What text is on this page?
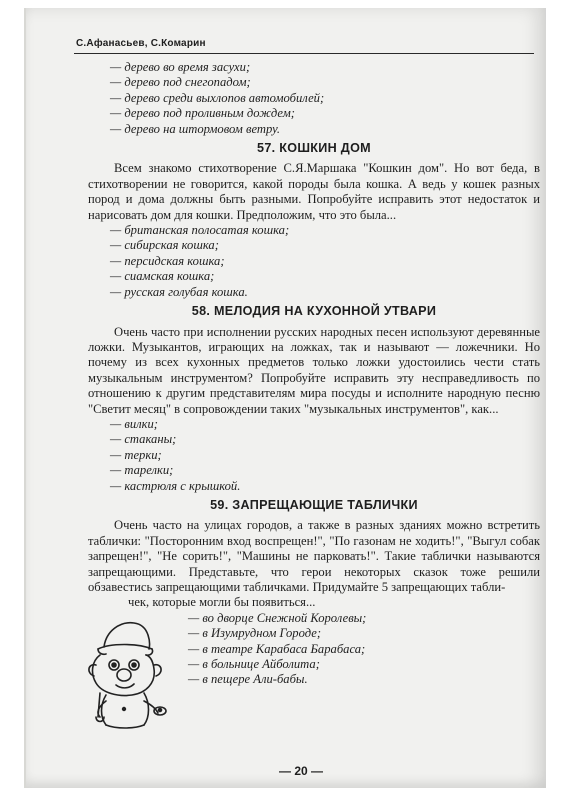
С.Афанасьев, С.Комарин
— дерево во время засухи;
— дерево под снегопадом;
— дерево среди выхлопов автомобилей;
— дерево под проливным дождем;
— дерево на штормовом ветру.
57. КОШКИН ДОМ

Всем знакомо стихотворение С.Я.Маршака "Кошкин дом". Но вот беда, в стихотворении не говорится, какой породы была кошка. А ведь у кошек разных пород и дома должны быть разными. Попробуйте исправить этот недостаток и нарисовать дом для кошки. Предположим, что это была...

— британская полосатая кошка;
— сибирская кошка;
— персидская кошка;
— сиамская кошка;
— русская голубая кошка.
58. МЕЛОДИЯ НА КУХОННОЙ УТВАРИ

Очень часто при исполнении русских народных песен используют деревянные ложки. Музыкантов, играющих на ложках, так и называют — ложечники. Но почему из всех кухонных предметов только ложки удостоились чести стать музыкальным инструментом? Попробуйте исправить эту несправедливость по отношению к другим представителям мира посуды и исполните народную песню "Светит месяц" в сопровождении таких "музыкальных инструментов", как...

— вилки;
— стаканы;
— терки;
— тарелки;
— кастрюля с крышкой.
59. ЗАПРЕЩАЮЩИЕ ТАБЛИЧКИ

Очень часто на улицах городов, а также в разных зданиях можно встретить таблички: "Посторонним вход воспрещен!", "По газонам не ходить!", "Выгул собак запрещен!", "Не сорить!", "Машины не парковать!". Такие таблички называются запрещающими. Представьте, что герои некоторых сказок тоже решили обзавестись запрещающими табличками. Придумайте 5 запрещающих табли-

чек, которые могли бы появиться...

— во дворце Снежной Королевы;
— в Изумрудном Городе;
— в театре Карабаса Барабаса;
— в больнице Айболита;
— в пещере Али-бабы.
— 20 —
